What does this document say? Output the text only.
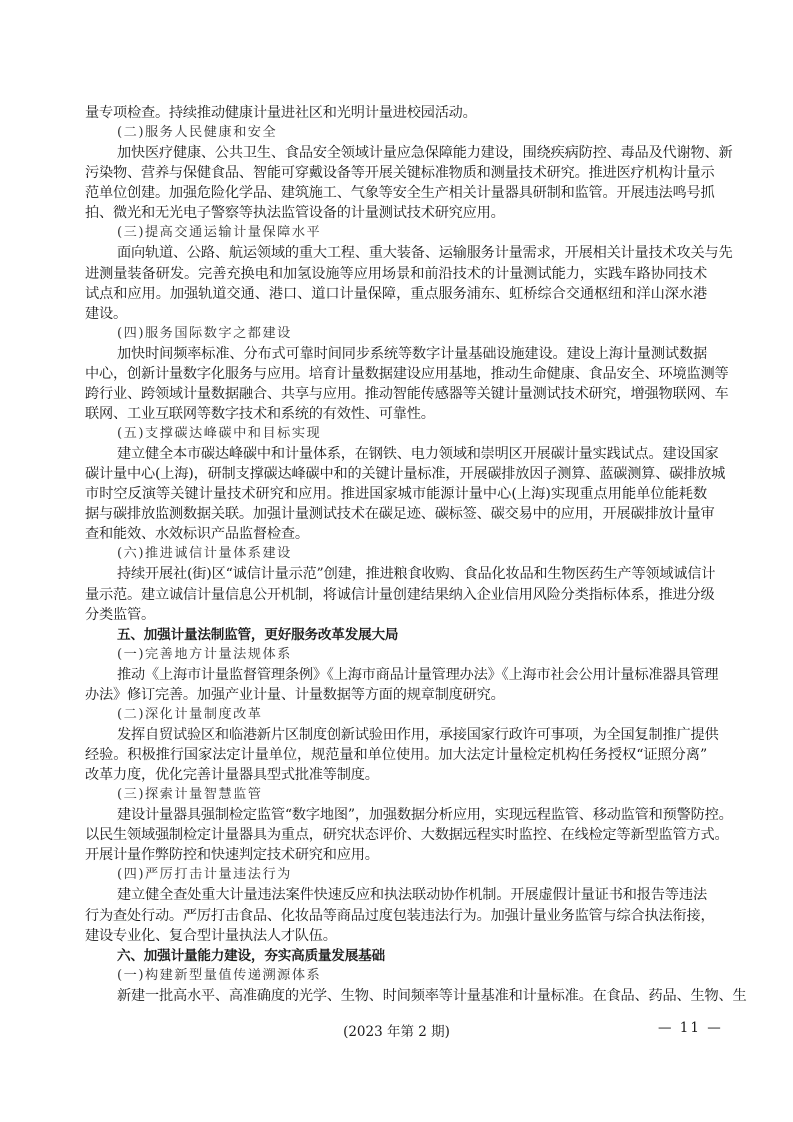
量专项检查。持续推动健康计量进社区和光明计量进校园活动。
(二)服务人民健康和安全
加快医疗健康、公共卫生、食品安全领域计量应急保障能力建设，围绕疾病防控、毒品及代谢物、新
污染物、营养与保健食品、智能可穿戴设备等开展关键标准物质和测量技术研究。推进医疗机构计量示
范单位创建。加强危险化学品、建筑施工、气象等安全生产相关计量器具研制和监管。开展违法鸣号抓
拍、微光和无光电子警察等执法监管设备的计量测试技术研究应用。
(三)提高交通运输计量保障水平
面向轨道、公路、航运领域的重大工程、重大装备、运输服务计量需求，开展相关计量技术攻关与先
进测量装备研发。完善充换电和加氢设施等应用场景和前沿技术的计量测试能力，实践车路协同技术
试点和应用。加强轨道交通、港口、道口计量保障，重点服务浦东、虹桥综合交通枢纽和洋山深水港
建设。
(四)服务国际数字之都建设
加快时间频率标准、分布式可靠时间同步系统等数字计量基础设施建设。建设上海计量测试数据
中心，创新计量数字化服务与应用。培育计量数据建设应用基地，推动生命健康、食品安全、环境监测等
跨行业、跨领域计量数据融合、共享与应用。推动智能传感器等关键计量测试技术研究，增强物联网、车
联网、工业互联网等数字技术和系统的有效性、可靠性。
(五)支撑碳达峰碳中和目标实现
建立健全本市碳达峰碳中和计量体系，在钢铁、电力领域和崇明区开展碳计量实践试点。建设国家
碳计量中心(上海)，研制支撑碳达峰碳中和的关键计量标准，开展碳排放因子测算、蓝碳测算、碳排放城
市时空反演等关键计量技术研究和应用。推进国家城市能源计量中心(上海)实现重点用能单位能耗数
据与碳排放监测数据关联。加强计量测试技术在碳足迹、碳标签、碳交易中的应用，开展碳排放计量审
查和能效、水效标识产品监督检查。
(六)推进诚信计量体系建设
持续开展社(街)区“诚信计量示范”创建，推进粮食收购、食品化妆品和生物医药生产等领域诚信计
量示范。建立诚信计量信息公开机制，将诚信计量创建结果纳入企业信用风险分类指标体系，推进分级
分类监管。
五、加强计量法制监管，更好服务改革发展大局
(一)完善地方计量法规体系
推动《上海市计量监督管理条例》《上海市商品计量管理办法》《上海市社会公用计量标准器具管理
办法》修订完善。加强产业计量、计量数据等方面的规章制度研究。
(二)深化计量制度改革
发挥自贸试验区和临港新片区制度创新试验田作用，承接国家行政许可事项，为全国复制推广提供
经验。积极推行国家法定计量单位，规范量和单位使用。加大法定计量检定机构任务授权“证照分离”
改革力度，优化完善计量器具型式批准等制度。
(三)探索计量智慧监管
建设计量器具强制检定监管“数字地图”，加强数据分析应用，实现远程监管、移动监管和预警防控。
以民生领域强制检定计量器具为重点，研究状态评价、大数据远程实时监控、在线检定等新型监管方式。
开展计量作弊防控和快速判定技术研究和应用。
(四)严厉打击计量违法行为
建立健全查处重大计量违法案件快速反应和执法联动协作机制。开展虚假计量证书和报告等违法
行为查处行动。严厉打击食品、化妆品等商品过度包装违法行为。加强计量业务监管与综合执法衔接，
建设专业化、复合型计量执法人才队伍。
六、加强计量能力建设，夯实高质量发展基础
(一)构建新型量值传递溯源体系
新建一批高水平、高准确度的光学、生物、时间频率等计量基准和计量标准。在食品、药品、生物、生
(2023 年第 2 期)	— 11 —
